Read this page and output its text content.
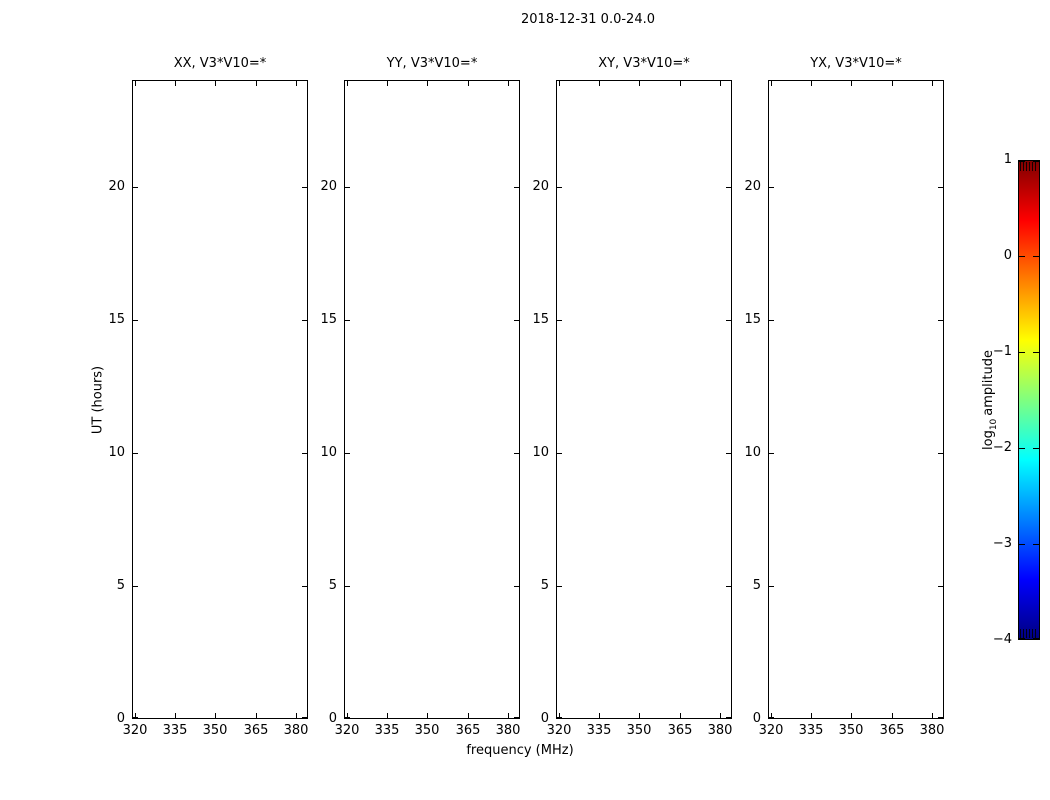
2018-12-31 0.0-24.0
UT (hours)
frequency (MHz)
XX, V3*V10=*
320	335	350	365	380
0
5
10
15
20
YY, V3*V10=*
320	335	350	365	380
0
5
10
15
20
XY, V3*V10=*
320	335	350	365	380
0
5
10
15
20
YX, V3*V10=*
320	335	350	365	380
0
5
10
15
20
1
0
−1
−2
−3
−4
$\log_{10}amplitude$
